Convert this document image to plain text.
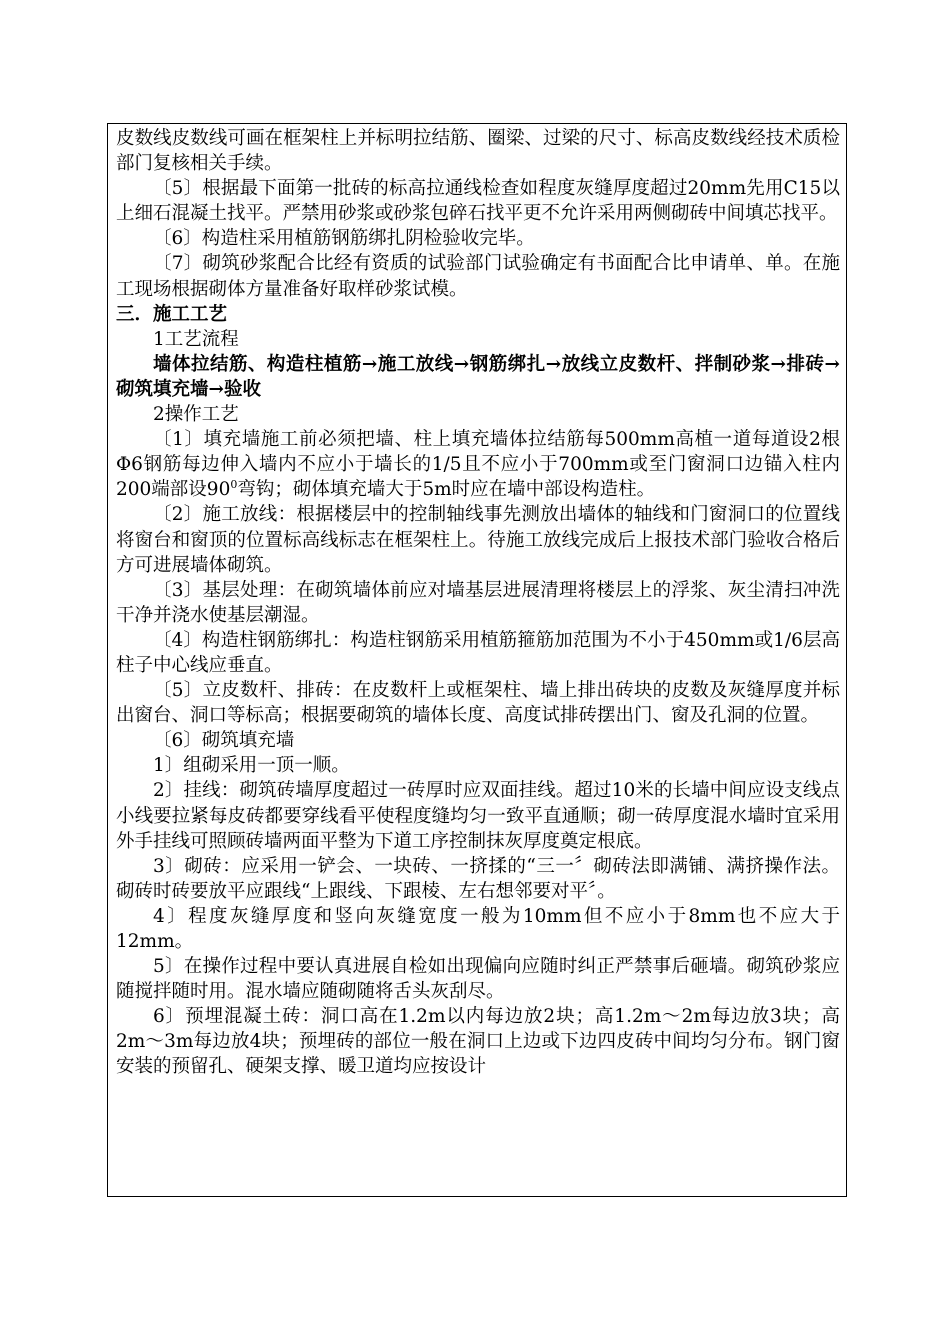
皮数线皮数线可画在框架柱上并标明拉结筋、圈梁、过梁的尺寸、标高皮数线经技术质检部门复核相关手续。

〔5〕根据最下面第一批砖的标高拉通线检查如程度灰缝厚度超过20mm先用C15以上细石混凝土找平。严禁用砂浆或砂浆包碎石找平更不允许采用两侧砌砖中间填芯找平。

〔6〕构造柱采用植筋钢筋绑扎阴检验收完毕。

〔7〕砌筑砂浆配合比经有资质的试验部门试验确定有书面配合比申请单、单。在施工现场根据砌体方量准备好取样砂浆试模。

三．施工工艺

1工艺流程

墙体拉结筋、构造柱植筋→施工放线→钢筋绑扎→放线立皮数杆、拌制砂浆→排砖→砌筑填充墙→验收

2操作工艺

〔1〕填充墙施工前必须把墙、柱上填充墙体拉结筋每500mm高植一道每道设2根Φ6钢筋每边伸入墙内不应小于墙长的1/5且不应小于700mm或至门窗洞口边锚入柱内200端部设$90^0$弯钩；砌体填充墙大于5m时应在墙中部设构造柱。

〔2〕施工放线：根据楼层中的控制轴线事先测放出墙体的轴线和门窗洞口的位置线将窗台和窗顶的位置标高线标志在框架柱上。待施工放线完成后上报技术部门验收合格后方可进展墙体砌筑。

〔3〕基层处理：在砌筑墙体前应对墙基层进展清理将楼层上的浮浆、灰尘清扫冲洗干净并浇水使基层潮湿。

〔4〕构造柱钢筋绑扎：构造柱钢筋采用植筋箍筋加范围为不小于450mm或1/6层高柱子中心线应垂直。

〔5〕立皮数杆、排砖：在皮数杆上或框架柱、墙上排出砖块的皮数及灰缝厚度并标出窗台、洞口等标高；根据要砌筑的墙体长度、高度试排砖摆出门、窗及孔洞的位置。

〔6〕砌筑填充墙

1〕组砌采用一顶一顺。

2〕挂线：砌筑砖墙厚度超过一砖厚时应双面挂线。超过10米的长墙中间应设支线点小线要拉紧每皮砖都要穿线看平使程度缝均匀一致平直通顺；砌一砖厚度混水墙时宜采用外手挂线可照顾砖墙两面平整为下道工序控制抹灰厚度奠定根底。

3〕砌砖：应采用一铲会、一块砖、一挤揉的“三一〞砌砖法即满铺、满挤操作法。砌砖时砖要放平应跟线“上跟线、下跟棱、左右想邻要对平〞。

4〕程度灰缝厚度和竖向灰缝宽度一般为10mm但不应小于8mm也不应大于12mm。

5〕在操作过程中要认真进展自检如出现偏向应随时纠正严禁事后砸墙。砌筑砂浆应随搅拌随时用。混水墙应随砌随将舌头灰刮尽。

6〕预埋混凝土砖：洞口高在1.2m以内每边放2块；高1.2m～2m每边放3块；高2m～3m每边放4块；预埋砖的部位一般在洞口上边或下边四皮砖中间均匀分布。钢门窗安装的预留孔、硬架支撑、暖卫道均应按设计
